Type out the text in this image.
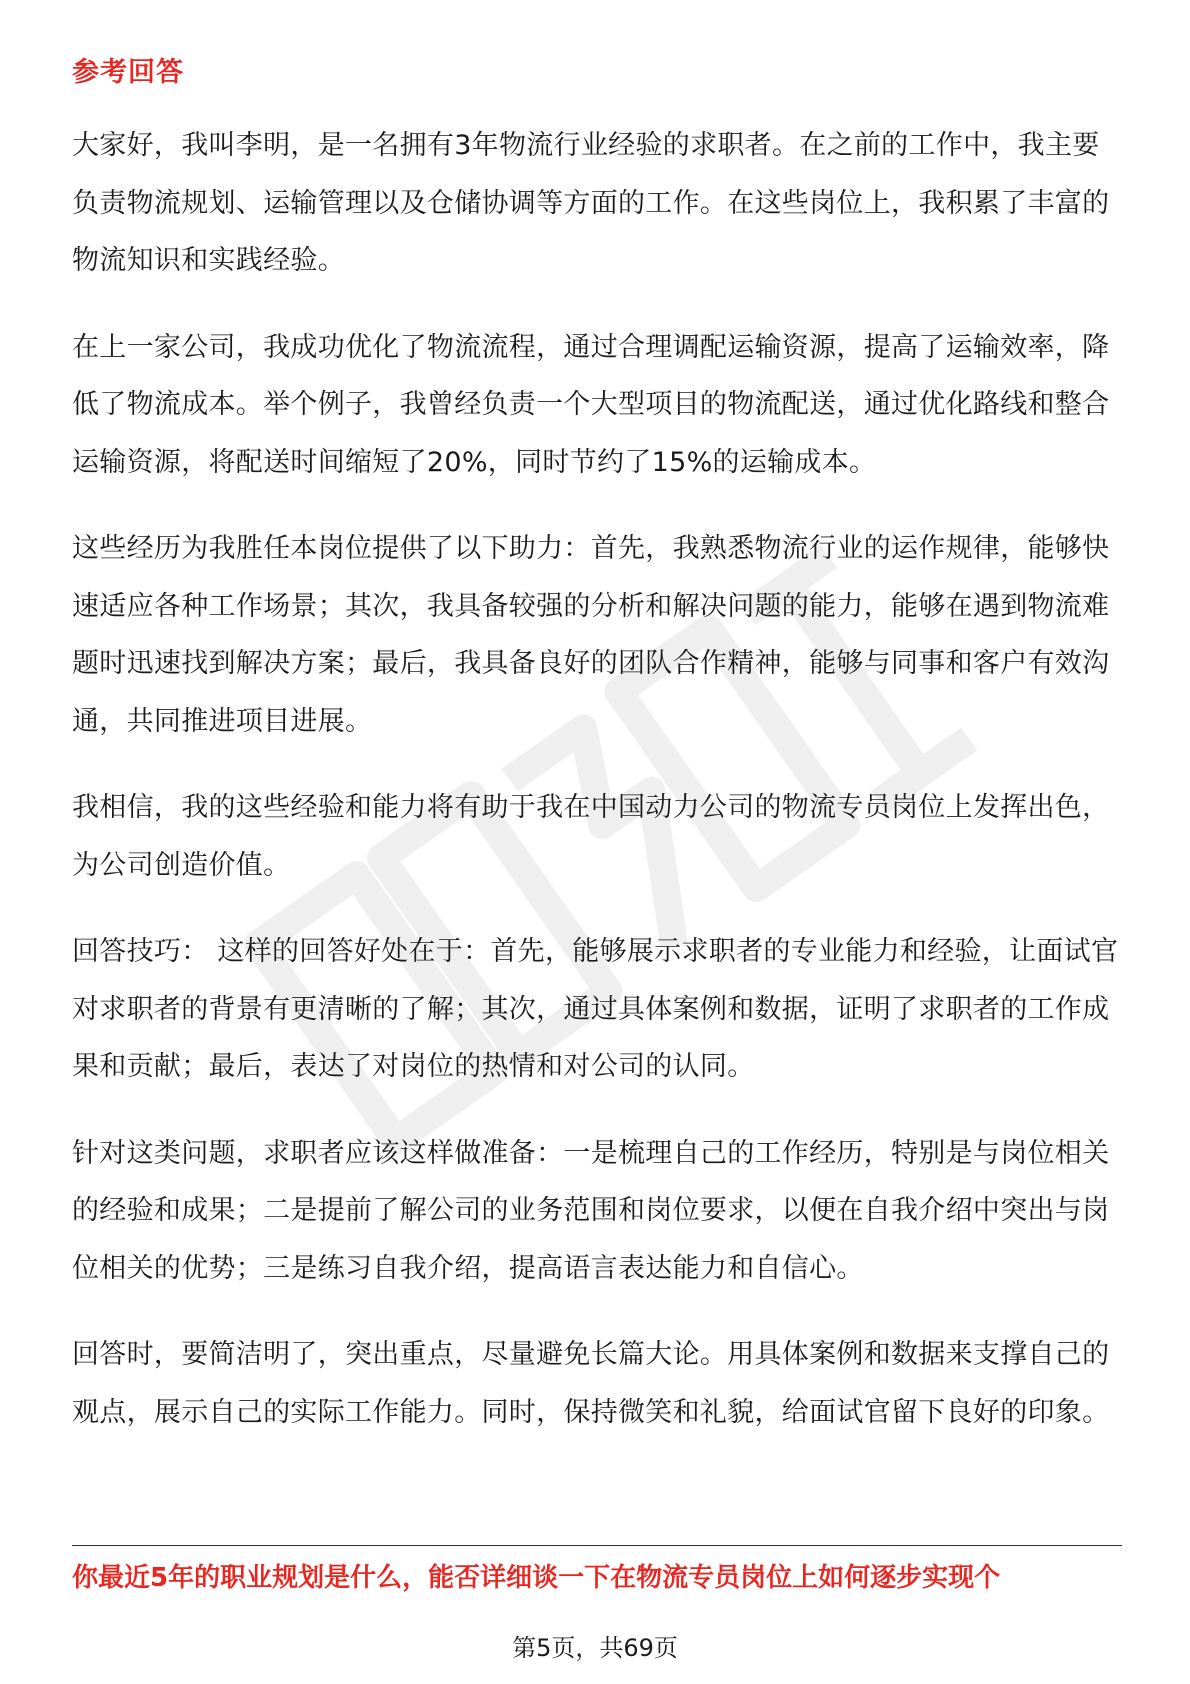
参考回答

大家好，我叫李明，是一名拥有3年物流行业经验的求职者。在之前的工作中，我主要负责物流规划、运输管理以及仓储协调等方面的工作。在这些岗位上，我积累了丰富的物流知识和实践经验。

在上一家公司，我成功优化了物流流程，通过合理调配运输资源，提高了运输效率，降低了物流成本。举个例子，我曾经负责一个大型项目的物流配送，通过优化路线和整合运输资源，将配送时间缩短了20%，同时节约了15%的运输成本。

这些经历为我胜任本岗位提供了以下助力：首先，我熟悉物流行业的运作规律，能够快速适应各种工作场景；其次，我具备较强的分析和解决问题的能力，能够在遇到物流难题时迅速找到解决方案；最后，我具备良好的团队合作精神，能够与同事和客户有效沟通，共同推进项目进展。

我相信，我的这些经验和能力将有助于我在中国动力公司的物流专员岗位上发挥出色，为公司创造价值。

回答技巧： 这样的回答好处在于：首先，能够展示求职者的专业能力和经验，让面试官对求职者的背景有更清晰的了解；其次，通过具体案例和数据，证明了求职者的工作成果和贡献；最后，表达了对岗位的热情和对公司的认同。

针对这类问题，求职者应该这样做准备：一是梳理自己的工作经历，特别是与岗位相关的经验和成果；二是提前了解公司的业务范围和岗位要求，以便在自我介绍中突出与岗位相关的优势；三是练习自我介绍，提高语言表达能力和自信心。

回答时，要简洁明了，突出重点，尽量避免长篇大论。用具体案例和数据来支撑自己的观点，展示自己的实际工作能力。同时，保持微笑和礼貌，给面试官留下良好的印象。

你最近5年的职业规划是什么，能否详细谈一下在物流专员岗位上如何逐步实现个

第5页，共69页
